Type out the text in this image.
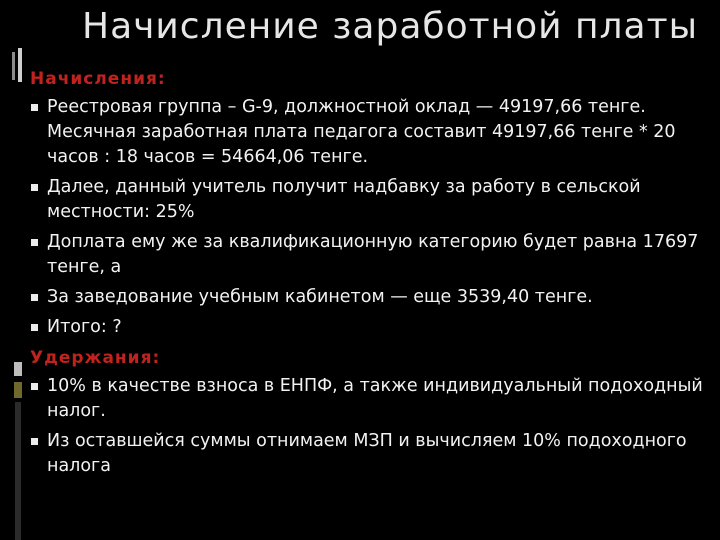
Начисление заработной платы

Начисления:

Реестровая группа – G-9, должностной оклад — 49197,66 тенге. Месячная заработная плата педагога составит 49197,66 тенге * 20 часов : 18 часов = 54664,06 тенге.
Далее, данный учитель получит надбавку за работу в сельской местности: 25%
Доплата ему же за квалификационную категорию будет равна 17697 тенге, а
За заведование учебным кабинетом — еще 3539,40 тенге.
Итого: ?

Удержания:

10% в качестве взноса в ЕНПФ, а также индивидуальный подоходный налог.
Из оставшейся суммы отнимаем МЗП и вычисляем 10% подоходного налога
